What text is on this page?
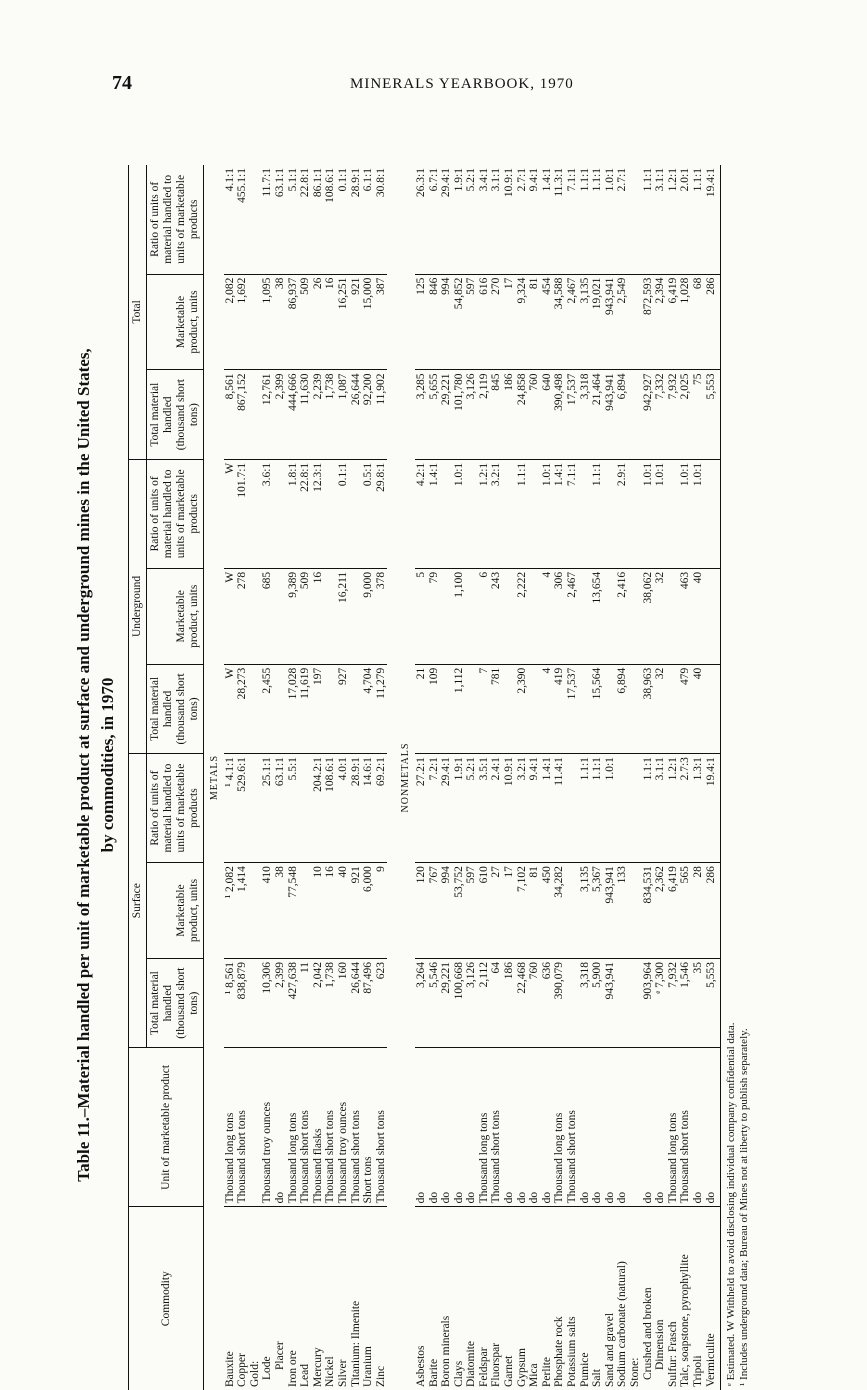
74	MINERALS YEARBOOK, 1970
Table 11.–Material handled per unit of marketable product at surface and underground mines in the United States, by commodities, in 1970
Commodity	Unit of marketable product	Surface			Underground			Total		
		Total material handled (thousand short tons)	Marketable product, units	Ratio of units of material handled to units of marketable products	Total material handled (thousand short tons)	Marketable product, units	Ratio of units of material handled to units of marketable products	Total material handled (thousand short tons)	Marketable product, units	Ratio of units of material handled to units of marketable products
METALS										
Bauxite	Thousand long tons	¹ 8,561	¹ 2,082	¹ 4.1:1	W	W	W	8,561	2,082	4.1:1
Copper	Thousand short tons	838,879	1,414	529.6:1	28,273	278	101.7:1	867,152	1,692	455.1:1
Gold:										
Lode	Thousand troy ounces	10,306	410	25.1:1	2,455	685	3.6:1	12,761	1,095	11.7:1
Placer	do	2,399	38	63.1:1				2,399	38	63.1:1
Iron ore	Thousand long tons	427,638	77,548	5.5:1	17,028	9,389	1.8:1	444,666	86,937	5.1:1
Lead	Thousand short tons	11			11,619	509	22.8:1	11,630	509	22.8:1
Mercury	Thousand flasks	2,042	10	204.2:1	197	16	12.3:1	2,239	26	86.1:1
Nickel	Thousand short tons	1,738	16	108.6:1				1,738	16	108.6:1
Silver	Thousand troy ounces	160	40	4.0:1	927	16,211	0.1:1	1,087	16,251	0.1:1
Titanium: Ilmenite	Thousand short tons	26,644	921	28.9:1				26,644	921	28.9:1
Uranium	Short tons	87,496	6,000	14.6:1	4,704	9,000	0.5:1	92,200	15,000	6.1:1
Zinc	Thousand short tons	623	9	69.2:1	11,279	378	29.8:1	11,902	387	30.8:1

NONMETALS										
Asbestos	do	3,264	120	27.2:1	21	5	4.2:1	3,285	125	26.3:1
Barite	do	5,546	767	7.2:1	109	79	1.4:1	5,655	846	6.7:1
Boron minerals	do	29,221	994	29.4:1				29,221	994	29.4:1
Clays	do	100,668	53,752	1.9:1	1,112	1,100	1.0:1	101,780	54,852	1.9:1
Diatomite	do	3,126	597	5.2:1				3,126	597	5.2:1
Feldspar	Thousand long tons	2,112	610	3.5:1	7	6	1.2:1	2,119	616	3.4:1
Fluorspar	Thousand short tons	64	27	2.4:1	781	243	3.2:1	845	270	3.1:1
Garnet	do	186	17	10.9:1				186	17	10.9:1
Gypsum	do	22,468	7,102	3.2:1	2,390	2,222	1.1:1	24,858	9,324	2.7:1
Mica	do	760	81	9.4:1				760	81	9.4:1
Perlite	do	636	450	1.4:1	4	4	1.0:1	640	454	1.4:1
Phosphate rock	Thousand long tons	390,079	34,282	11.4:1	419	306	1.4:1	390,498	34,588	11.3:1
Potassium salts	Thousand short tons				17,537	2,467	7.1:1	17,537	2,467	7.1:1
Pumice	do	3,318	3,135	1.1:1				3,318	3,135	1.1:1
Salt	do	5,900	5,367	1.1:1	15,564	13,654	1.1:1	21,464	19,021	1.1:1
Sand and gravel	do	943,941	943,941	1.0:1				943,941	943,941	1.0:1
Sodium carbonate (natural)	do		133		6,894	2,416	2.9:1	6,894	2,549	2.7:1
Stone:										
Crushed and broken	do	903,964	834,531	1.1:1	38,963	38,062	1.0:1	942,927	872,593	1.1:1
Dimension	do	ᵉ 7,300	2,362	3.1:1	32	32	1.0:1	7,332	2,394	3.1:1
Sulfur: Frasch	Thousand long tons	7,932	6,419	1.2:1				7,932	6,419	1.2:1
Talc, soapstone, pyrophyllite	Thousand short tons	1,546	565	2.7:3	479	463	1.0:1	2,025	1,028	2.0:1
Tripoli	do	35	28	1.3:1	40	40	1.0:1	75	68	1.1:1
Vermiculite	do	5,553	286	19.4:1				5,553	286	19.4:1
ᵉ Estimated. W Withheld to avoid disclosing individual company confidential data. ¹ Includes underground data; Bureau of Mines not at liberty to publish separately.
